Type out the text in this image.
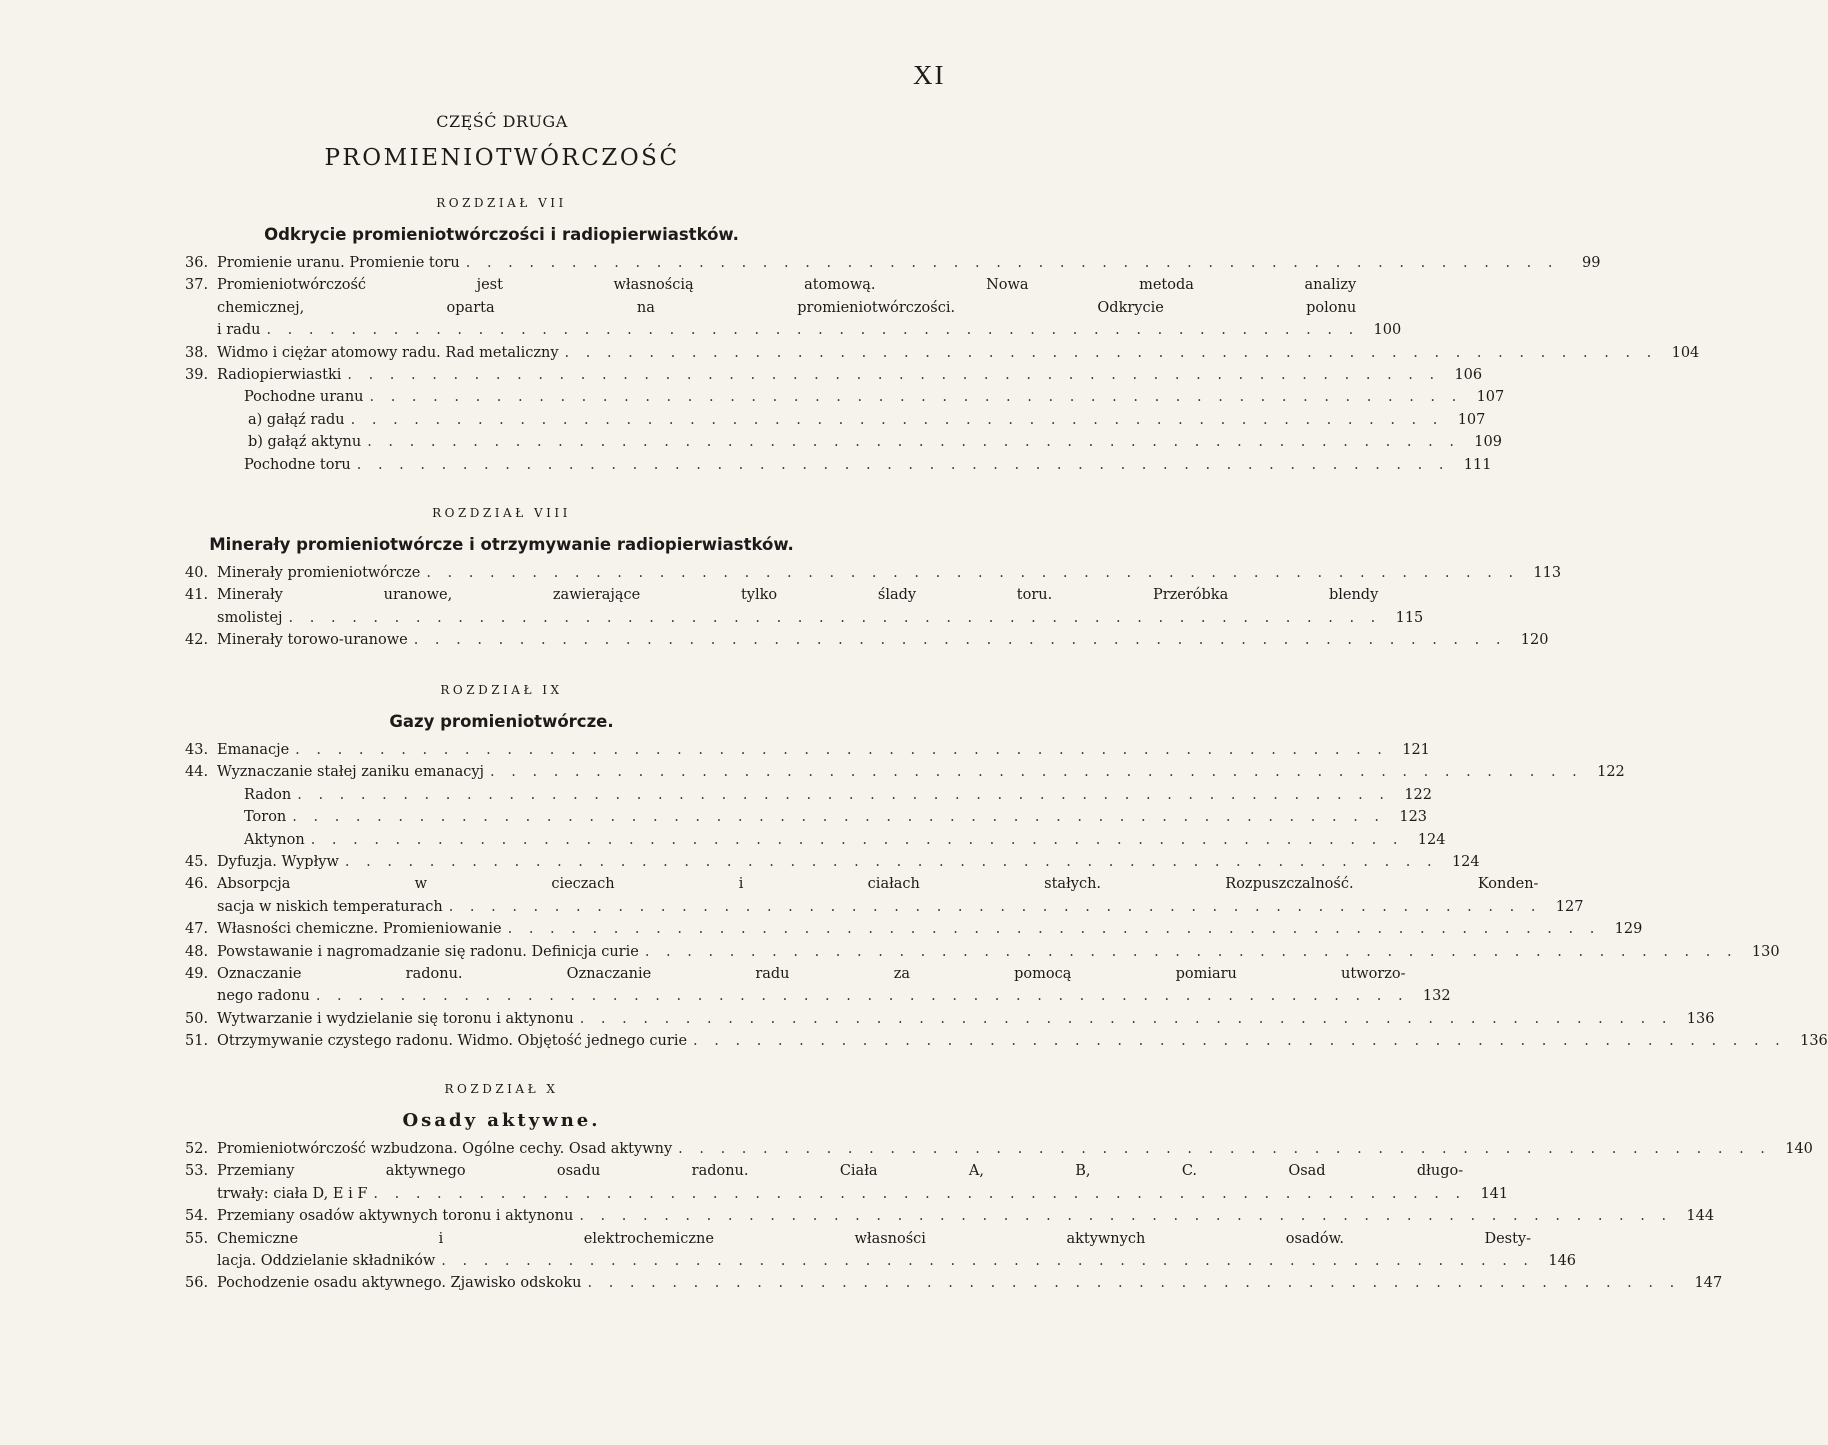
XI
CZĘŚĆ DRUGA
PROMIENIOTWÓRCZOŚĆ
ROZDZIAŁ VII
Odkrycie promieniotwórczości i radiopierwiastków.
36. Promienie uranu. Promienie toru . . .	99
37. Promieniotwórczość jest własnością atomową. Nowa metoda analizy
chemicznej, oparta na promieniotwórczości. Odkrycie polonu
i radu . . .	100
38. Widmo i ciężar atomowy radu. Rad metaliczny . . .	104
39. Radiopierwiastki . . .	106
Pochodne uranu . . .	107
a) gałąź radu . . .	107
b) gałąź aktynu . . .	109
Pochodne toru . . .	111
ROZDZIAŁ VIII
Minerały promieniotwórcze i otrzymywanie radiopierwiastków.
40. Minerały promieniotwórcze . . .	113
41. Minerały uranowe, zawierające tylko ślady toru. Przeróbka blendy
smolistej . . .	115
42. Minerały torowo-uranowe . . .	120
ROZDZIAŁ IX
Gazy promieniotwórcze.
43. Emanacje . . .	121
44. Wyznaczanie stałej zaniku emanacyj . . .	122
Radon . . .	122
Toron . . .	123
Aktynon . . .	124
45. Dyfuzja. Wypływ . . .	124
46. Absorpcja w cieczach i ciałach stałych. Rozpuszczalność. Konden-
sacja w niskich temperaturach . . .	127
47. Własności chemiczne. Promieniowanie . . .	129
48. Powstawanie i nagromadzanie się radonu. Definicja curie . . .	130
49. Oznaczanie radonu. Oznaczanie radu za pomocą pomiaru utworzo-
nego radonu . . .	132
50. Wytwarzanie i wydzielanie się toronu i aktynonu . . .	136
51. Otrzymywanie czystego radonu. Widmo. Objętość jednego curie . . .	136
ROZDZIAŁ X
Osady aktywne.
52. Promieniotwórczość wzbudzona. Ogólne cechy. Osad aktywny . . .	140
53. Przemiany aktywnego osadu radonu. Ciała A, B, C. Osad długo-
trwały: ciała D, E i F . . .	141
54. Przemiany osadów aktywnych toronu i aktynonu . . .	144
55. Chemiczne i elektrochemiczne własności aktywnych osadów. Desty-
lacja. Oddzielanie składników . . .	146
56. Pochodzenie osadu aktywnego. Zjawisko odskoku . . .	147
